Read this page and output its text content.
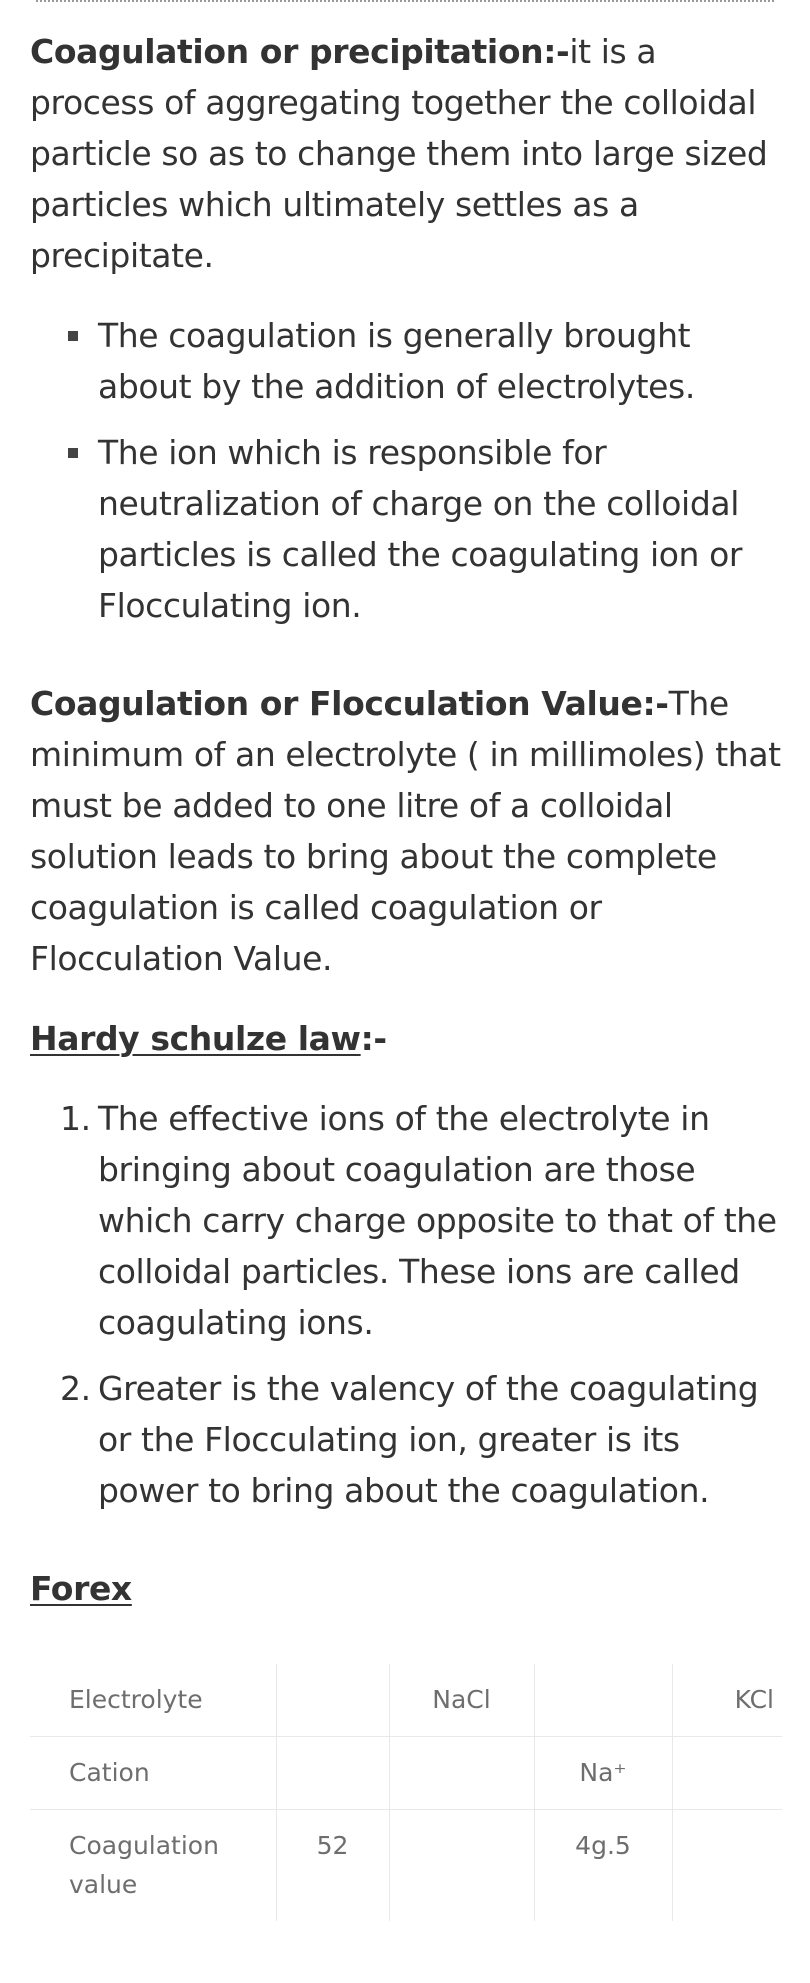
Coagulation or precipitation:-it is a process of aggregating together the colloidal particle so as to change them into large sized particles which ultimately settles as a precipitate.

The coagulation is generally brought about by the addition of electrolytes.
The ion which is responsible for neutralization of charge on the colloidal particles is called the coagulating ion or Flocculating ion.

Coagulation or Flocculation Value:-The minimum of an electrolyte ( in millimoles) that must be added to one litre of a colloidal solution leads to bring about the complete coagulation is called coagulation or Flocculation Value.

Hardy schulze law:-
1. The effective ions of the electrolyte in bringing about coagulation are those which carry charge opposite to that of the colloidal particles. These ions are called coagulating ions.
2. Greater is the valency of the coagulating or the Flocculating ion, greater is its power to bring about the coagulation.
Forex
Electrolyte		NaCl		KCl
Cation			Na⁺	
Coagulation value	52		4g.5	
